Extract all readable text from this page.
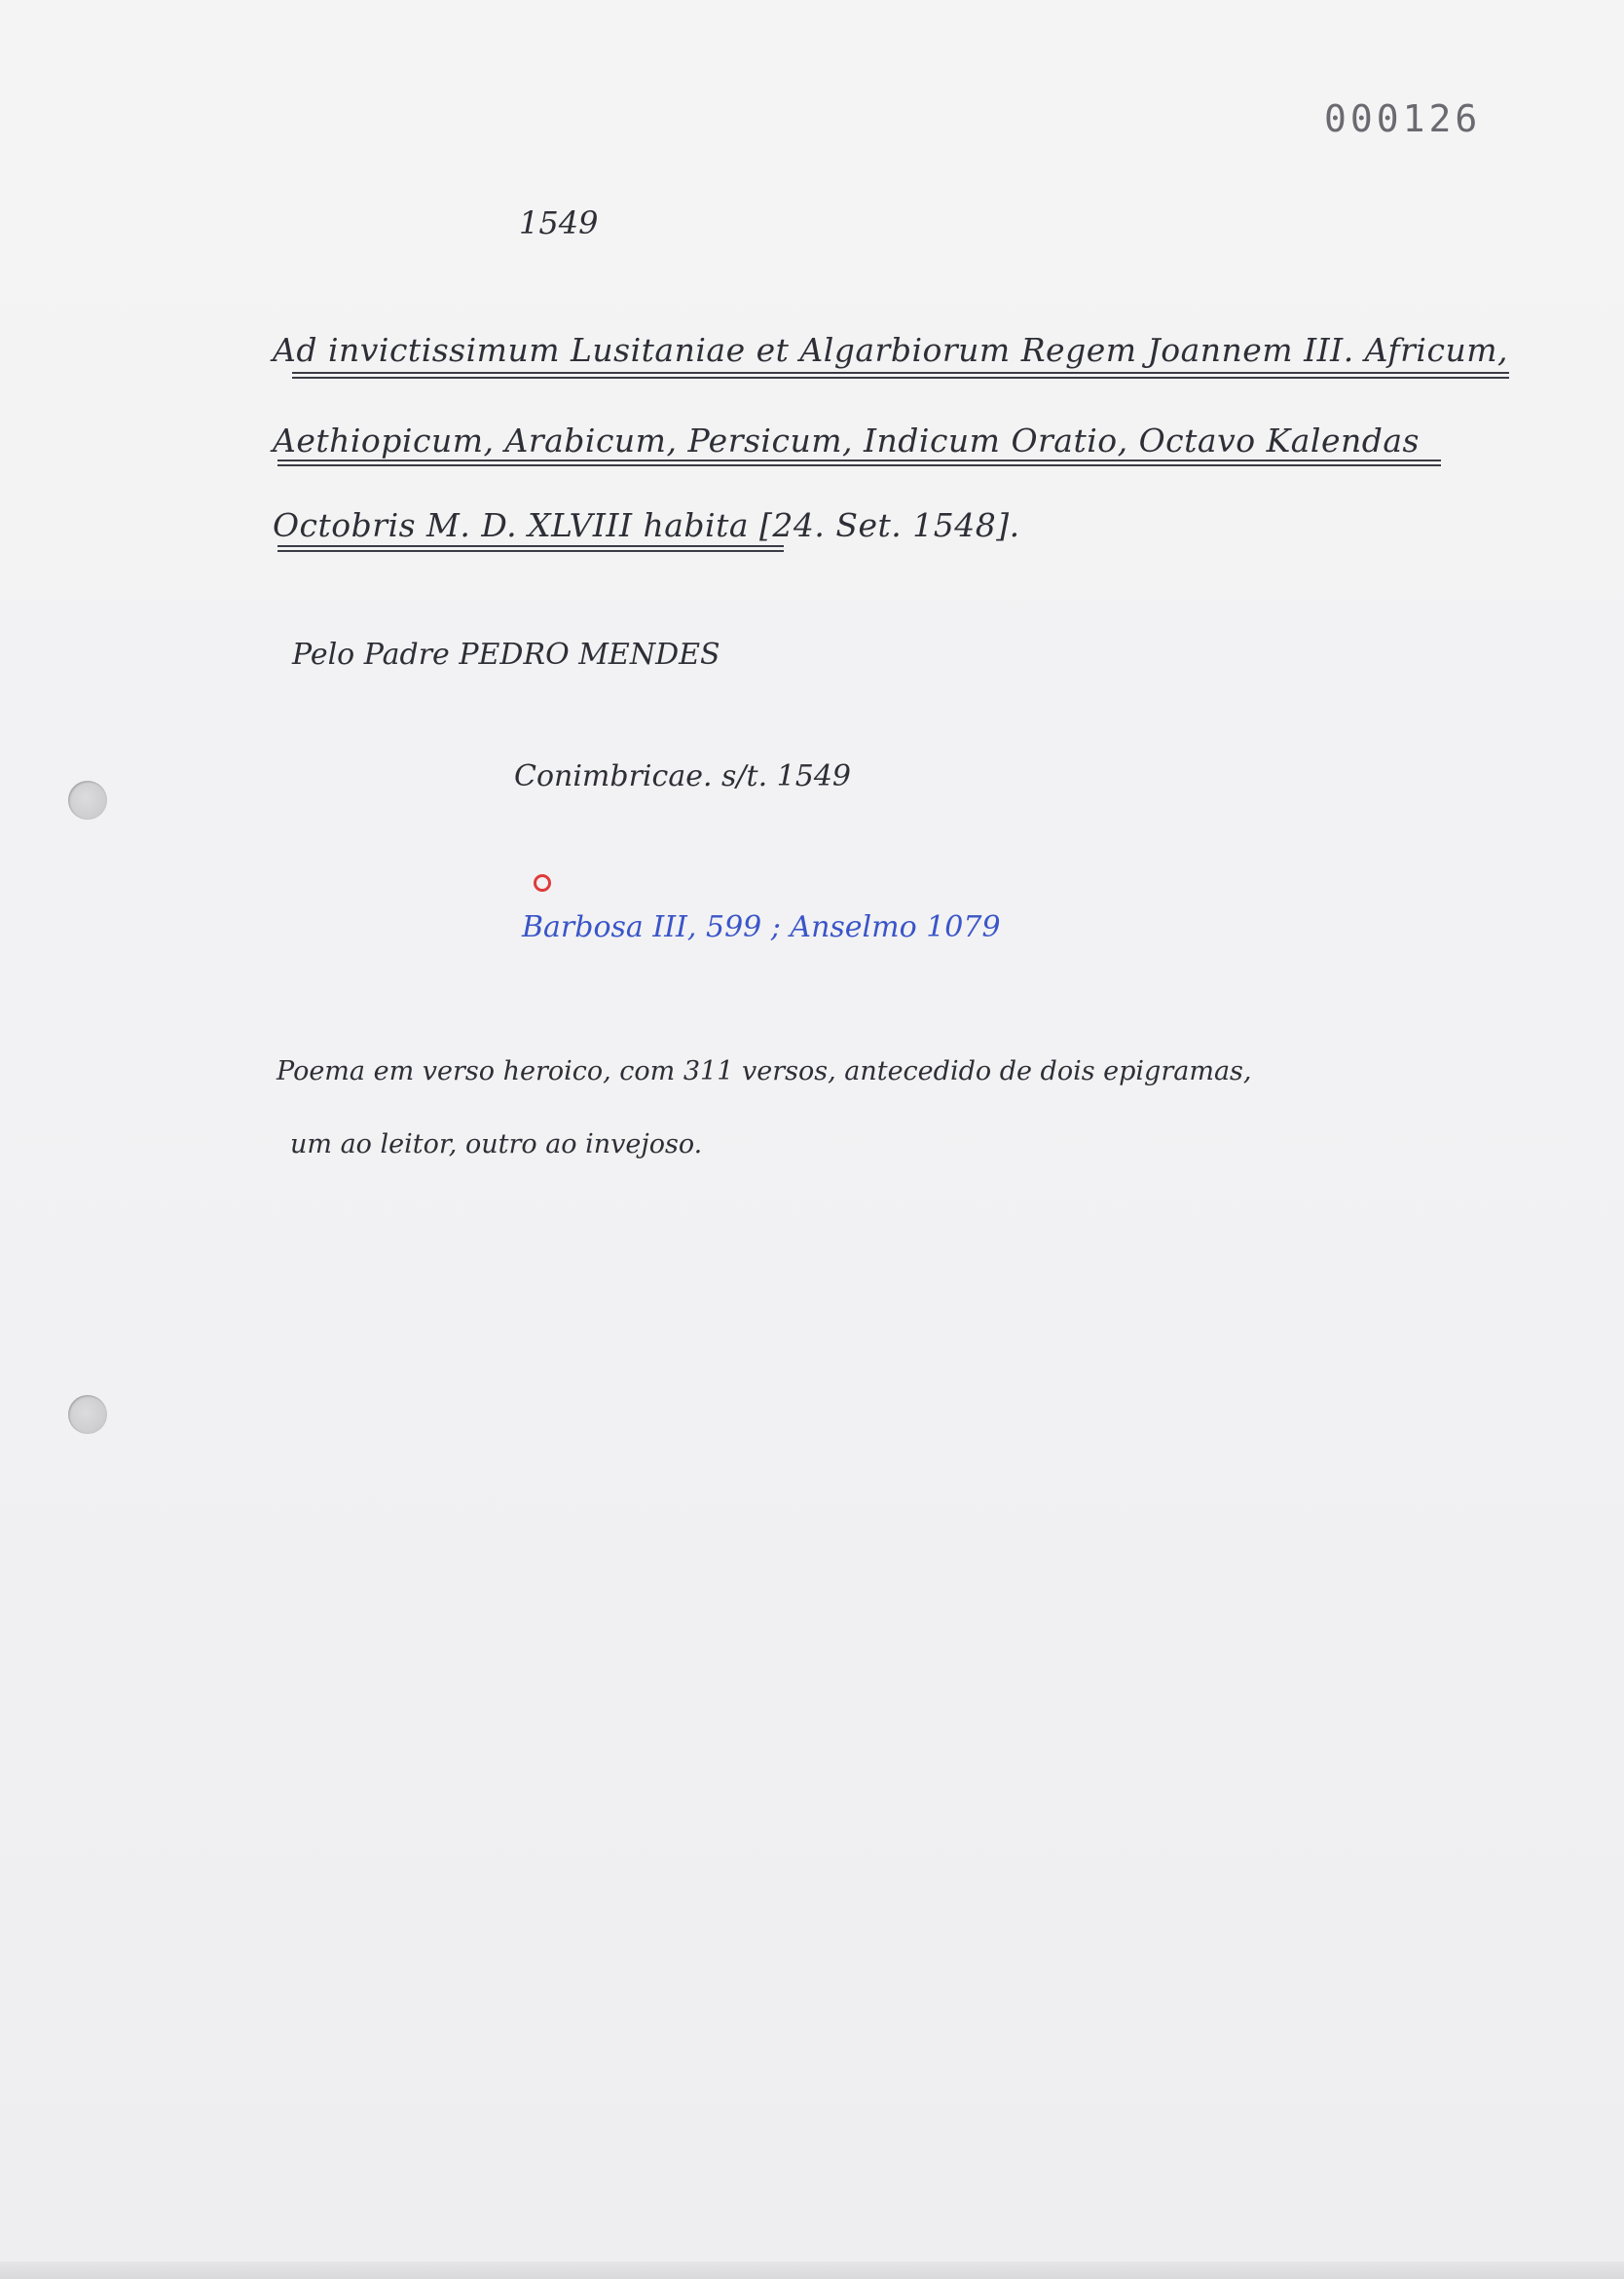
000126
1549
Ad invictissimum Lusitaniae et Algarbiorum Regem Joannem III. Africum,
Aethiopicum, Arabicum, Persicum, Indicum Oratio, Octavo Kalendas
Octobris M. D. XLVIII habita [24. Set. 1548].
Pelo Padre PEDRO MENDES
Conimbricae. s/t. 1549
Barbosa III, 599 ; Anselmo 1079
Poema em verso heroico, com 311 versos, antecedido de dois epigramas,
um ao leitor, outro ao invejoso.
